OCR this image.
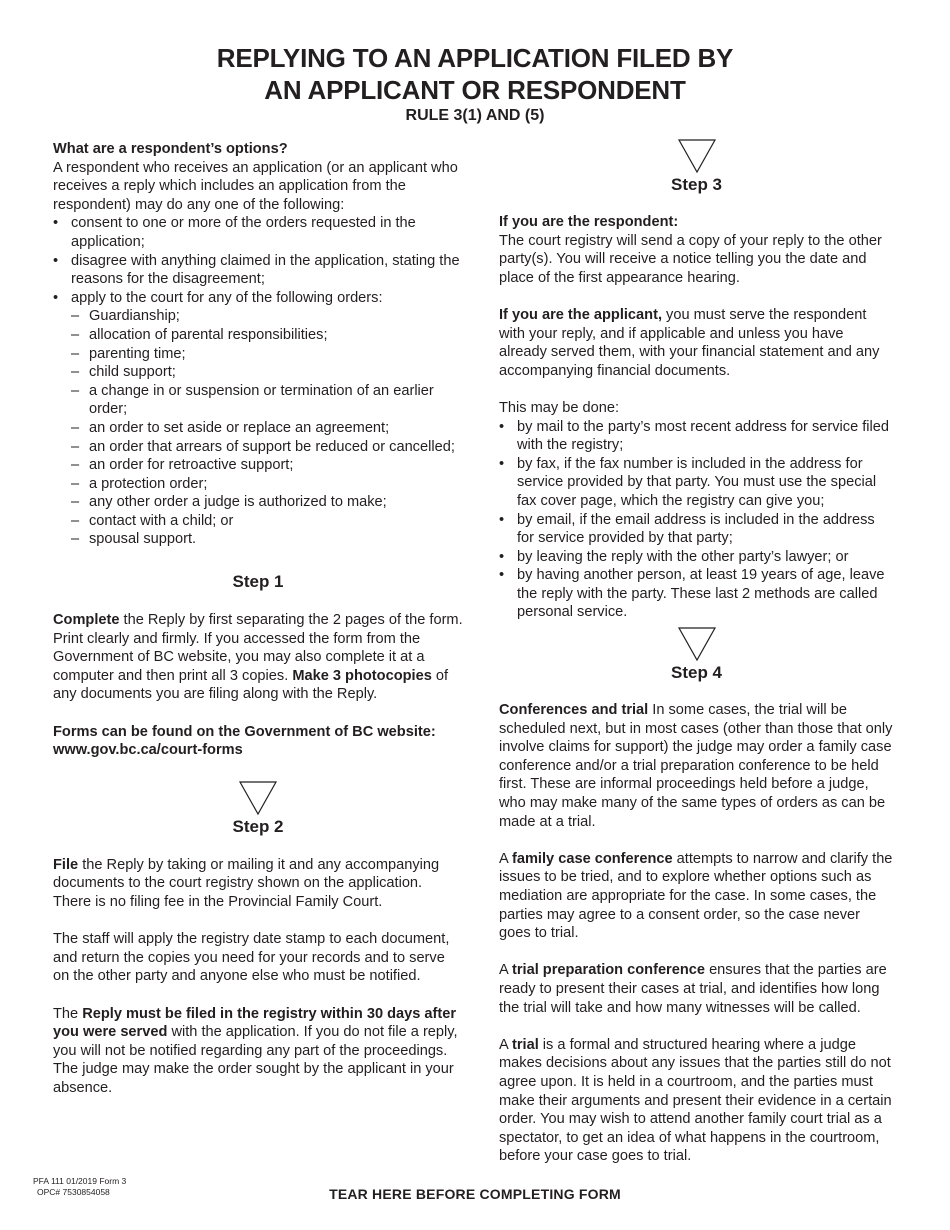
REPLYING TO AN APPLICATION FILED BY
AN APPLICANT OR RESPONDENT
RULE 3(1) AND (5)

What are a respondent’s options?

A respondent who receives an application (or an applicant who receives a reply which includes an application from the respondent) may do any one of the following:

• consent to one or more of the orders requested in the application;
• disagree with anything claimed in the application, stating the reasons for the disagreement;
• apply to the court for any of the following orders:
– Guardianship;
– allocation of parental responsibilities;
– parenting time;
– child support;
– a change in or suspension or termination of an earlier order;
– an order to set aside or replace an agreement;
– an order that arrears of support be reduced or cancelled;
– an order for retroactive support;
– a protection order;
– any other order a judge is authorized to make;
– contact with a child; or
– spousal support.
Step 1

Complete the Reply by first separating the 2 pages of the form. Print clearly and firmly. If you accessed the form from the Government of BC website, you may also complete it at a computer and then print all 3 copies. Make 3 photocopies of any documents you are filing along with the Reply.

Forms can be found on the Government of BC website:
www.gov.bc.ca/court-forms

Step 2

File the Reply by taking or mailing it and any accompanying documents to the court registry shown on the application. There is no filing fee in the Provincial Family Court.

The staff will apply the registry date stamp to each document, and return the copies you need for your records and to serve on the other party and anyone else who must be notified.

The Reply must be filed in the registry within 30 days after you were served with the application. If you do not file a reply, you will not be notified regarding any part of the proceedings. The judge may make the order sought by the applicant in your absence.

Step 3

If you are the respondent:

The court registry will send a copy of your reply to the other party(s). You will receive a notice telling you the date and place of the first appearance hearing.

If you are the applicant, you must serve the respondent with your reply, and if applicable and unless you have already served them, with your financial statement and any accompanying financial documents.

This may be done:

• by mail to the party’s most recent address for service filed with the registry;
• by fax, if the fax number is included in the address for service provided by that party. You must use the special fax cover page, which the registry can give you;
• by email, if the email address is included in the address for service provided by that party;
• by leaving the reply with the other party’s lawyer; or
• by having another person, at least 19 years of age, leave the reply with the party. These last 2 methods are called personal service.
Step 4

Conferences and trial In some cases, the trial will be scheduled next, but in most cases (other than those that only involve claims for support) the judge may order a family case conference and/or a trial preparation conference to be held first. These are informal proceedings held before a judge, who may make many of the same types of orders as can be made at a trial.

A family case conference attempts to narrow and clarify the issues to be tried, and to explore whether options such as mediation are appropriate for the case. In some cases, the parties may agree to a consent order, so the case never goes to trial.

A trial preparation conference ensures that the parties are ready to present their cases at trial, and identifies how long the trial will take and how many witnesses will be called.

A trial is a formal and structured hearing where a judge makes decisions about any issues that the parties still do not agree upon. It is held in a courtroom, and the parties must make their arguments and present their evidence in a certain order. You may wish to attend another family court trial as a spectator, to get an idea of what happens in the courtroom, before your case goes to trial.

PFA 111 01/2019 Form 3
OPC# 7530854058	TEAR HERE BEFORE COMPLETING FORM
